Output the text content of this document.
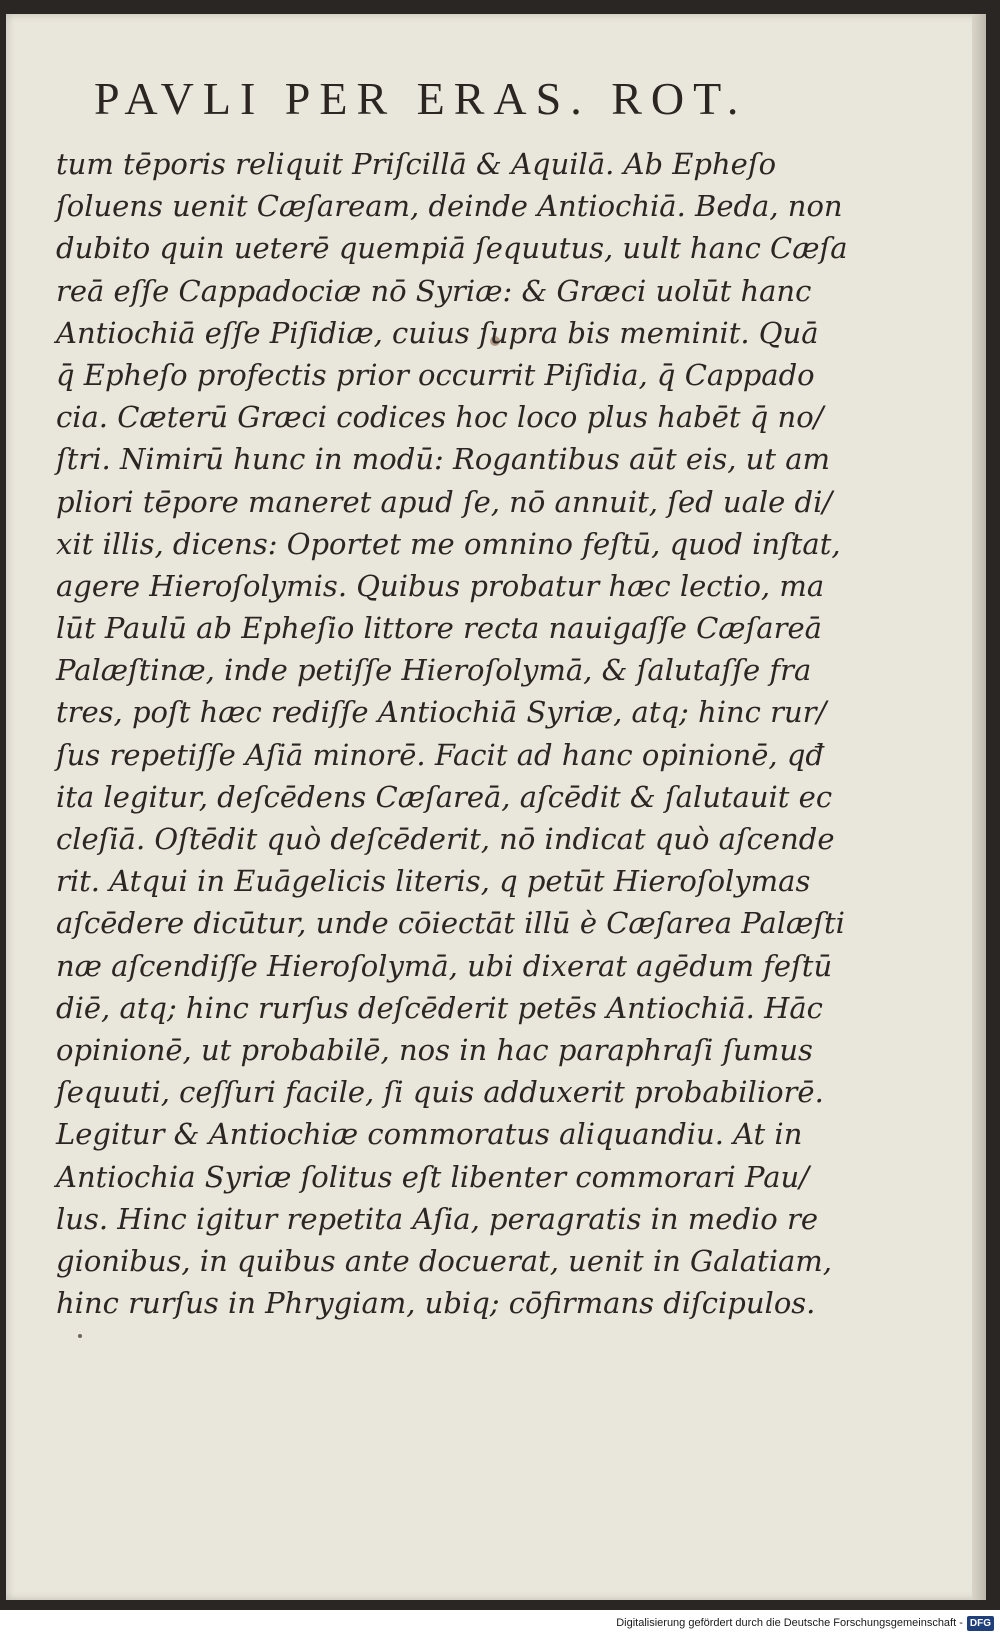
PAVLI PER ERAS. ROT.
tum tēporis reliquit Priſcillā & Aquilā. Ab Epheſo
ſoluens uenit Cæſaream, deinde Antiochiā. Beda, non
dubito quin ueterē quempiā ſequutus, uult hanc Cæſa
reā eſſe Cappadociæ nō Syriæ: & Græci uolūt hanc
Antiochiā eſſe Piſidiæ, cuius ſupra bis meminit. Quā
q̄ Epheſo profectis prior occurrit Piſidia, q̄ Cappado
cia. Cæterū Græci codices hoc loco plus habēt q̄ no/
ſtri. Nimirū hunc in modū: Rogantibus aūt eis, ut am
pliori tēpore maneret apud ſe, nō annuit, ſed uale di/
xit illis, dicens: Oportet me omnino feſtū, quod inſtat,
agere Hieroſolymis. Quibus probatur hæc lectio, ma
lūt Paulū ab Epheſio littore recta nauigaſſe Cæſareā
Palæſtinæ, inde petiſſe Hieroſolymā, & ſalutaſſe fra
tres, poſt hæc rediſſe Antiochiā Syriæ, atq; hinc rur/
ſus repetiſſe Aſiā minorē. Facit ad hanc opinionē, qđ
ita legitur, deſcēdens Cæſareā, aſcēdit & ſalutauit ec
cleſiā. Oſtēdit quò deſcēderit, nō indicat quò aſcende
rit. Atqui in Euāgelicis literis, q petūt Hieroſolymas
aſcēdere dicūtur, unde cōiectāt illū è Cæſarea Palæſti
næ aſcendiſſe Hieroſolymā, ubi dixerat agēdum feſtū
diē, atq; hinc rurſus deſcēderit petēs Antiochiā. Hāc
opinionē, ut probabilē, nos in hac paraphraſi ſumus
ſequuti, ceſſuri facile, ſi quis adduxerit probabiliorē.
Legitur & Antiochiæ commoratus aliquandiu. At in
Antiochia Syriæ ſolitus eſt libenter commorari Pau/
lus. Hinc igitur repetita Aſia, peragratis in medio re
gionibus, in quibus ante docuerat, uenit in Galatiam,
hinc rurſus in Phrygiam, ubiq; cōfirmans diſcipulos.
Digitalisierung gefördert durch die Deutsche Forschungsgemeinschaft - DFG
